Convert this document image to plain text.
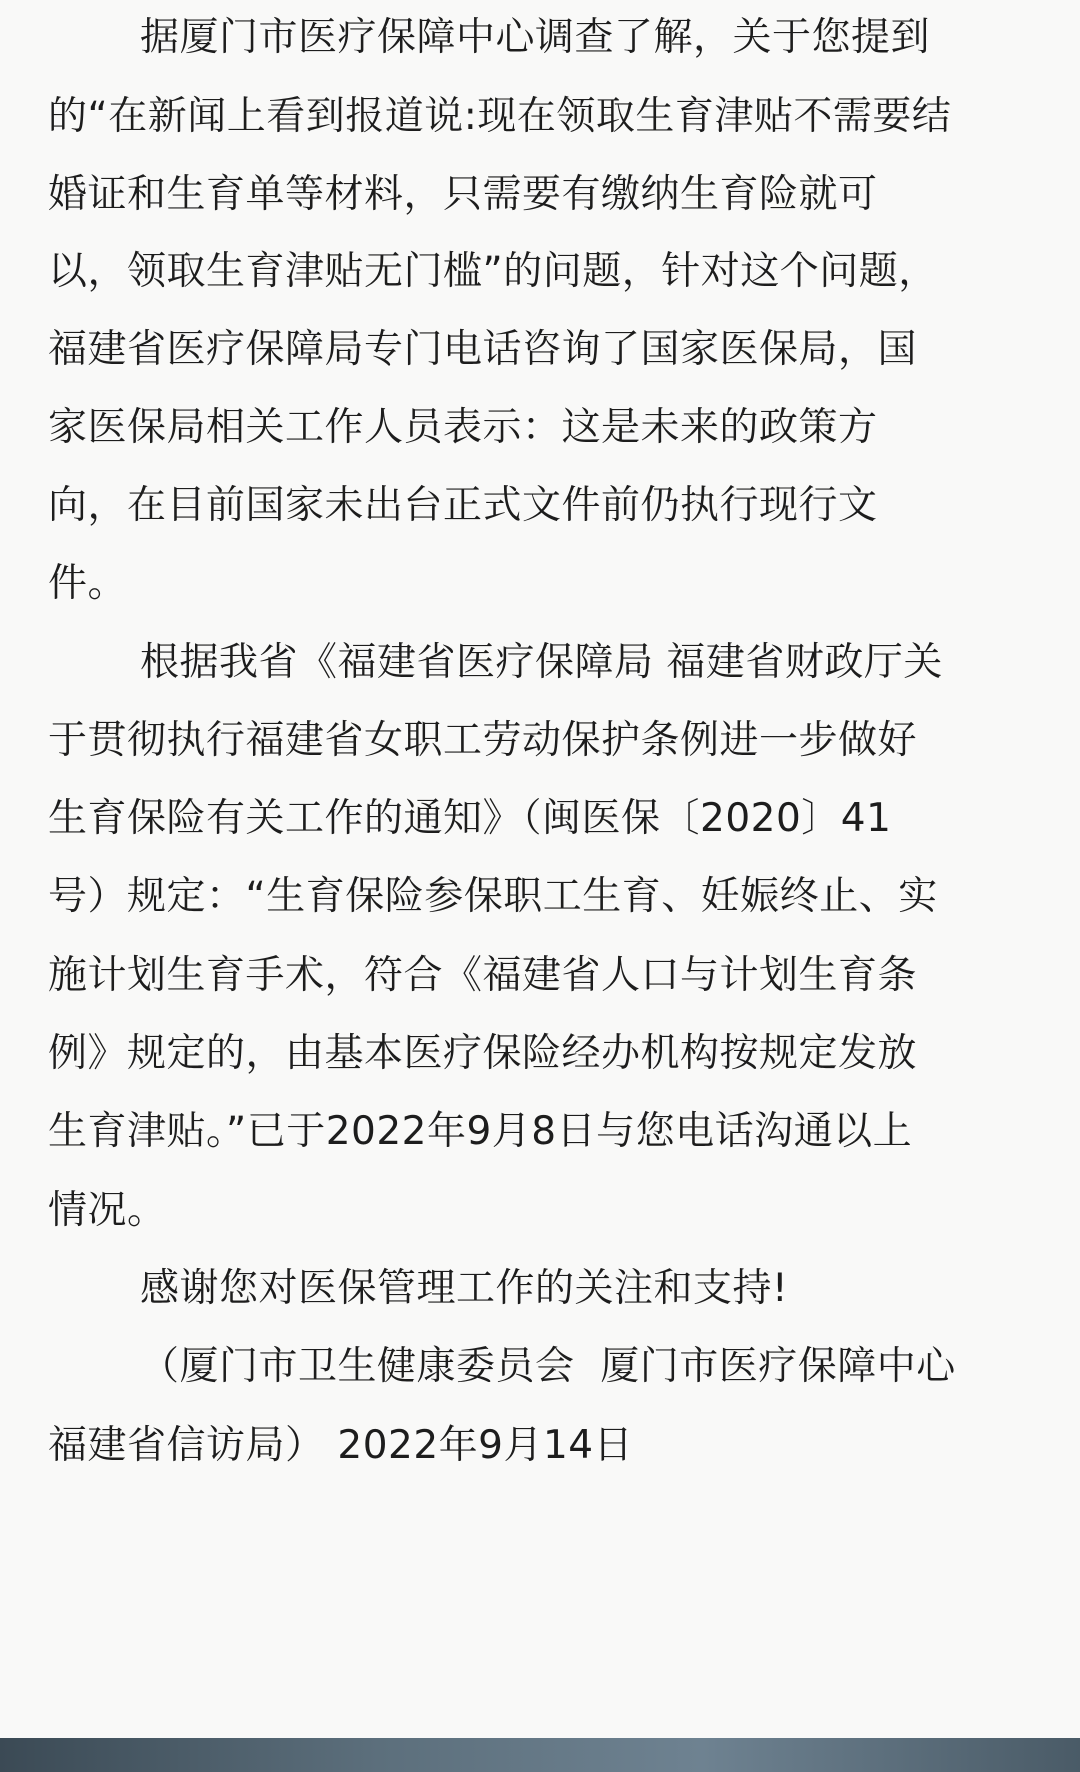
据厦门市医疗保障中心调查了解，关于您提到
的“在新闻上看到报道说:现在领取生育津贴不需要结
婚证和生育单等材料，只需要有缴纳生育险就可
以，领取生育津贴无门槛”的问题，针对这个问题，
福建省医疗保障局专门电话咨询了国家医保局，国
家医保局相关工作人员表示：这是未来的政策方
向，在目前国家未出台正式文件前仍执行现行文
件。
根据我省《福建省医疗保障局 福建省财政厅关
于贯彻执行福建省女职工劳动保护条例进一步做好
生育保险有关工作的通知》（闽医保〔2020〕41
号）规定：“生育保险参保职工生育、妊娠终止、实
施计划生育手术，符合《福建省人口与计划生育条
例》规定的，由基本医疗保险经办机构按规定发放
生育津贴。”已于2022年9月8日与您电话沟通以上
情况。
感谢您对医保管理工作的关注和支持!
（厦门市卫生健康委员会  厦门市医疗保障中心
福建省信访局） 2022年9月14日
